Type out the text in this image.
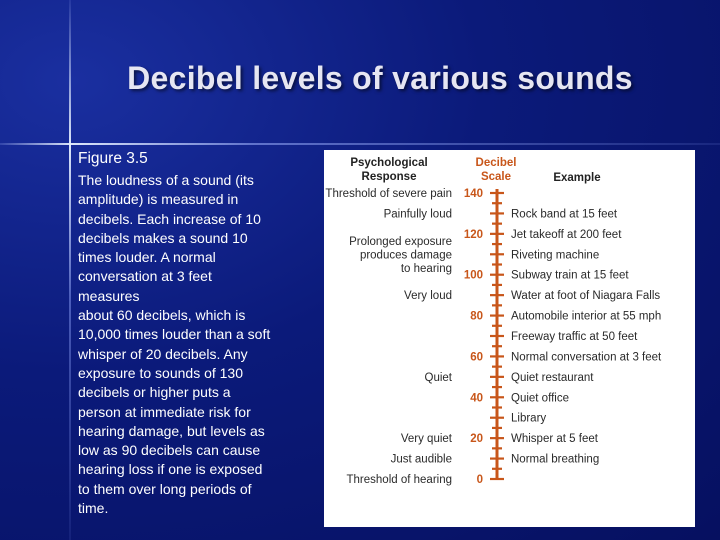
Decibel levels of various sounds
Figure 3.5
The loudness of a sound (its
amplitude) is measured in
decibels. Each increase of 10
decibels makes a sound 10
times louder. A normal
conversation at 3 feet
measures
about 60 decibels, which is
10,000 times louder than a soft
whisper of 20 decibels. Any
exposure to sounds of 130
decibels or higher puts a
person at immediate risk for
hearing damage, but levels as
low as 90 decibels can cause
hearing loss if one is exposed
to them over long periods of
time.
Psychological
Response
Decibel
Scale	Example
140
120
100
80
60
40
20
0
Threshold of severe pain
Painfully loud
Prolonged exposure
produces damage
to hearing
Very loud
Quiet
Very quiet
Just audible
Threshold of hearing
Rock band at 15 feet
Jet takeoff at 200 feet
Riveting machine
Subway train at 15 feet
Water at foot of Niagara Falls
Automobile interior at 55 mph
Freeway traffic at 50 feet
Normal conversation at 3 feet
Quiet restaurant
Quiet office
Library
Whisper at 5 feet
Normal breathing
